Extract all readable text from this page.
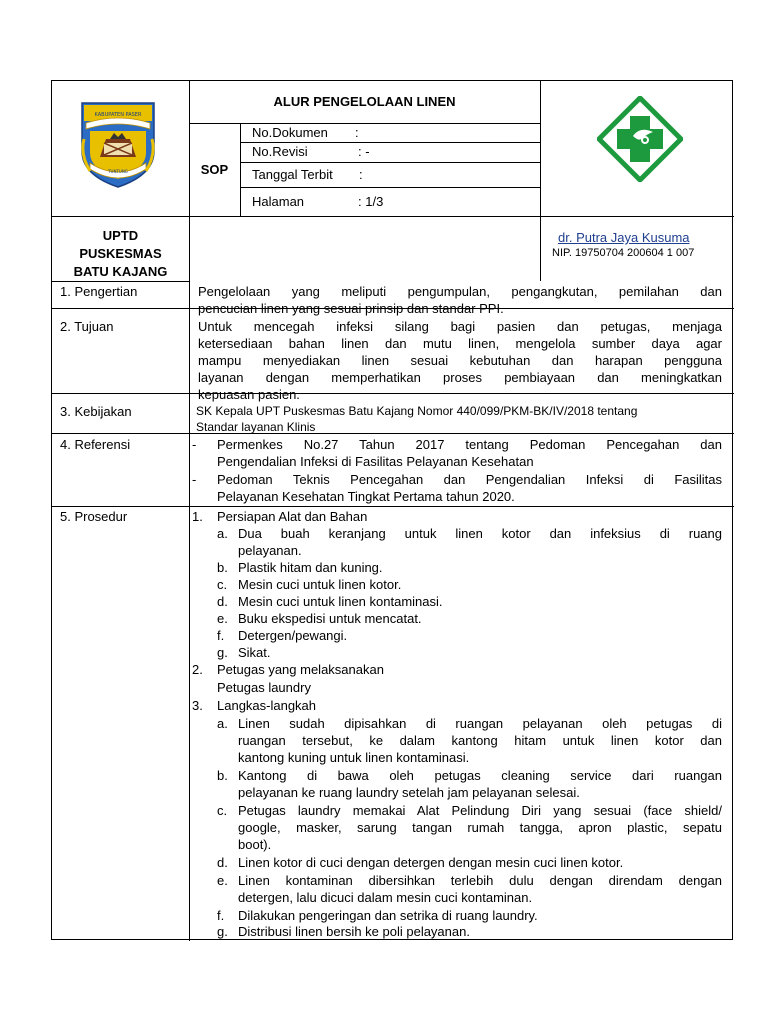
KABUPATEN PASER
TUNTUNG
ALUR PENGELOLAAN LINEN
SOP
No.Dokumen :
No.Revisi	: -
Tanggal Terbit :
Halaman	: 1/3
UPTD
PUSKESMAS
BATU KAJANG
dr. Putra Jaya Kusuma
NIP. 19750704 200604 1 007
1. Pengertian	Pengelolaan yang meliputi pengumpulan, pengangkutan, pemilahan dan
pencucian linen yang sesuai prinsip dan standar PPI.
2. Tujuan	Untuk mencegah infeksi silang bagi pasien dan petugas, menjaga
ketersediaan bahan linen dan mutu linen, mengelola sumber daya agar
mampu menyediakan linen sesuai kebutuhan dan harapan pengguna
layanan dengan memperhatikan proses pembiayaan dan meningkatkan
kepuasan pasien.
3. Kebijakan	SK Kepala UPT Puskesmas Batu Kajang Nomor 440/099/PKM-BK/IV/2018 tentang
Standar layanan Klinis
4. Referensi	- Permenkes No.27 Tahun 2017 tentang Pedoman Pencegahan dan
Pengendalian Infeksi di Fasilitas Pelayanan Kesehatan
- Pedoman Teknis Pencegahan dan Pengendalian Infeksi di Fasilitas
Pelayanan Kesehatan Tingkat Pertama tahun 2020.
5. Prosedur	1. Persiapan Alat dan Bahan
a. Dua buah keranjang untuk linen kotor dan infeksius di ruang
pelayanan.
b. Plastik hitam dan kuning.
c. Mesin cuci untuk linen kotor.
d. Mesin cuci untuk linen kontaminasi.
e. Buku ekspedisi untuk mencatat.
f. Detergen/pewangi.
g. Sikat.
2. Petugas yang melaksanakan
Petugas laundry
3. Langkas-langkah
a. Linen sudah dipisahkan di ruangan pelayanan oleh petugas di
ruangan tersebut, ke dalam kantong hitam untuk linen kotor dan
kantong kuning untuk linen kontaminasi.
b. Kantong di bawa oleh petugas cleaning service dari ruangan
pelayanan ke ruang laundry setelah jam pelayanan selesai.
c. Petugas laundry memakai Alat Pelindung Diri yang sesuai (face shield/
google, masker, sarung tangan rumah tangga, apron plastic, sepatu
boot).
d. Linen kotor di cuci dengan detergen dengan mesin cuci linen kotor.
e. Linen kontaminan dibersihkan terlebih dulu dengan direndam dengan
detergen, lalu dicuci dalam mesin cuci kontaminan.
f. Dilakukan pengeringan dan setrika di ruang laundry.
g. Distribusi linen bersih ke poli pelayanan.
